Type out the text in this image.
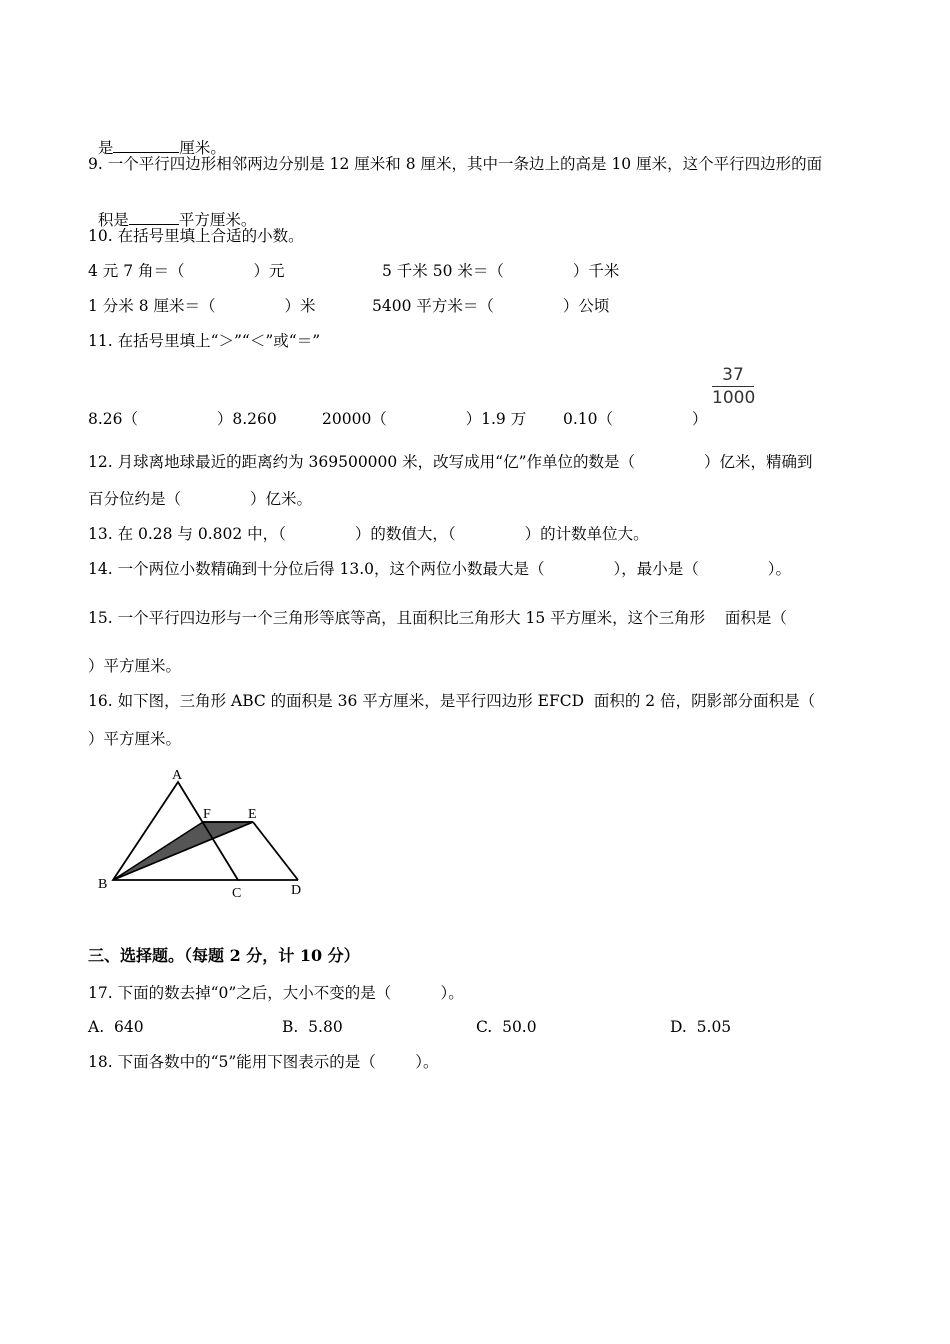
是	厘米。

9. 一个平行四边形相邻两边分别是 12 厘米和 8 厘米，其中一条边上的高是 10 厘米，这个平行四边形的面

积是	平方厘米。

10. 在括号里填上合适的小数。
4 元 7 角＝（              ）元	5 千米 50 米＝（              ）千米
1 分米 8 厘米＝（              ）米	5400 平方米＝（              ）公顷
11. 在括号里填上“＞”“＜”或“＝”
8.26（                ）8.260	20000（                ）1.9 万 0.10（                ）
37
1000
12. 月球离地球最近的距离约为 369500000 米，改写成用“亿”作单位的数是（              ）亿米，精确到
百分位约是（              ）亿米。
13. 在 0.28 与 0.802 中，（              ）的数值大，（              ）的计数单位大。
14. 一个两位小数精确到十分位后得 13.0，这个两位小数最大是（              ），最小是（              ）。
15. 一个平行四边形与一个三角形等底等高，且面积比三角形大 15 平方厘米，这个三角形    面积是（
）平方厘米。
16. 如下图，三角形 ABC 的面积是 36 平方厘米，是平行四边形 EFCD  面积的 2 倍，阴影部分面积是（
）平方厘米。
A
B
C	D
E
F
三、选择题。（每题 2 分，计 10 分）
17. 下面的数去掉“0”之后，大小不变的是（          ）。
A.  640	B.  5.80	C.  50.0	D.  5.05
18. 下面各数中的“5”能用下图表示的是（        ）。
